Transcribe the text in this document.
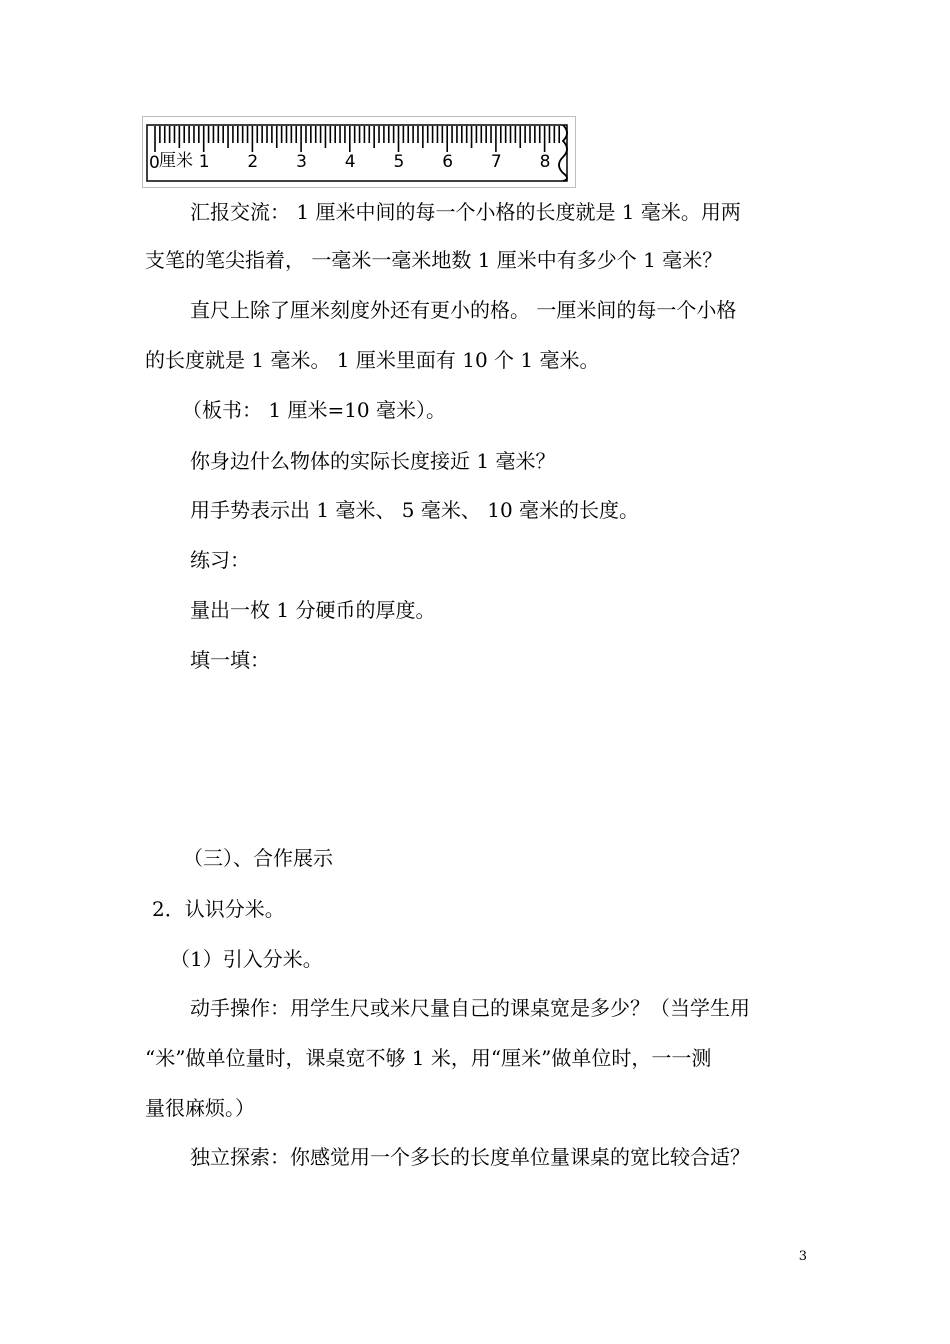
0 厘米 1 2 3 4 5 6 7 8
汇报交流： 1 厘米中间的每一个小格的长度就是 1 毫米。用两
支笔的笔尖指着， 一毫米一毫米地数 1 厘米中有多少个 1 毫米？
直尺上除了厘米刻度外还有更小的格。 一厘米间的每一个小格
的长度就是 1 毫米。 1 厘米里面有 10 个 1 毫米。
（板书： 1 厘米=10 毫米）。
你身边什么物体的实际长度接近 1 毫米？
用手势表示出 1 毫米、 5 毫米、 10 毫米的长度。
练习：
量出一枚 1 分硬币的厚度。
填一填：
（三）、合作展示
2．认识分米。
（1）引入分米。
动手操作：用学生尺或米尺量自己的课桌宽是多少？（当学生用
“米”做单位量时，课桌宽不够 1 米，用“厘米”做单位时，一一测
量很麻烦。）
独立探索：你感觉用一个多长的长度单位量课桌的宽比较合适？
3
